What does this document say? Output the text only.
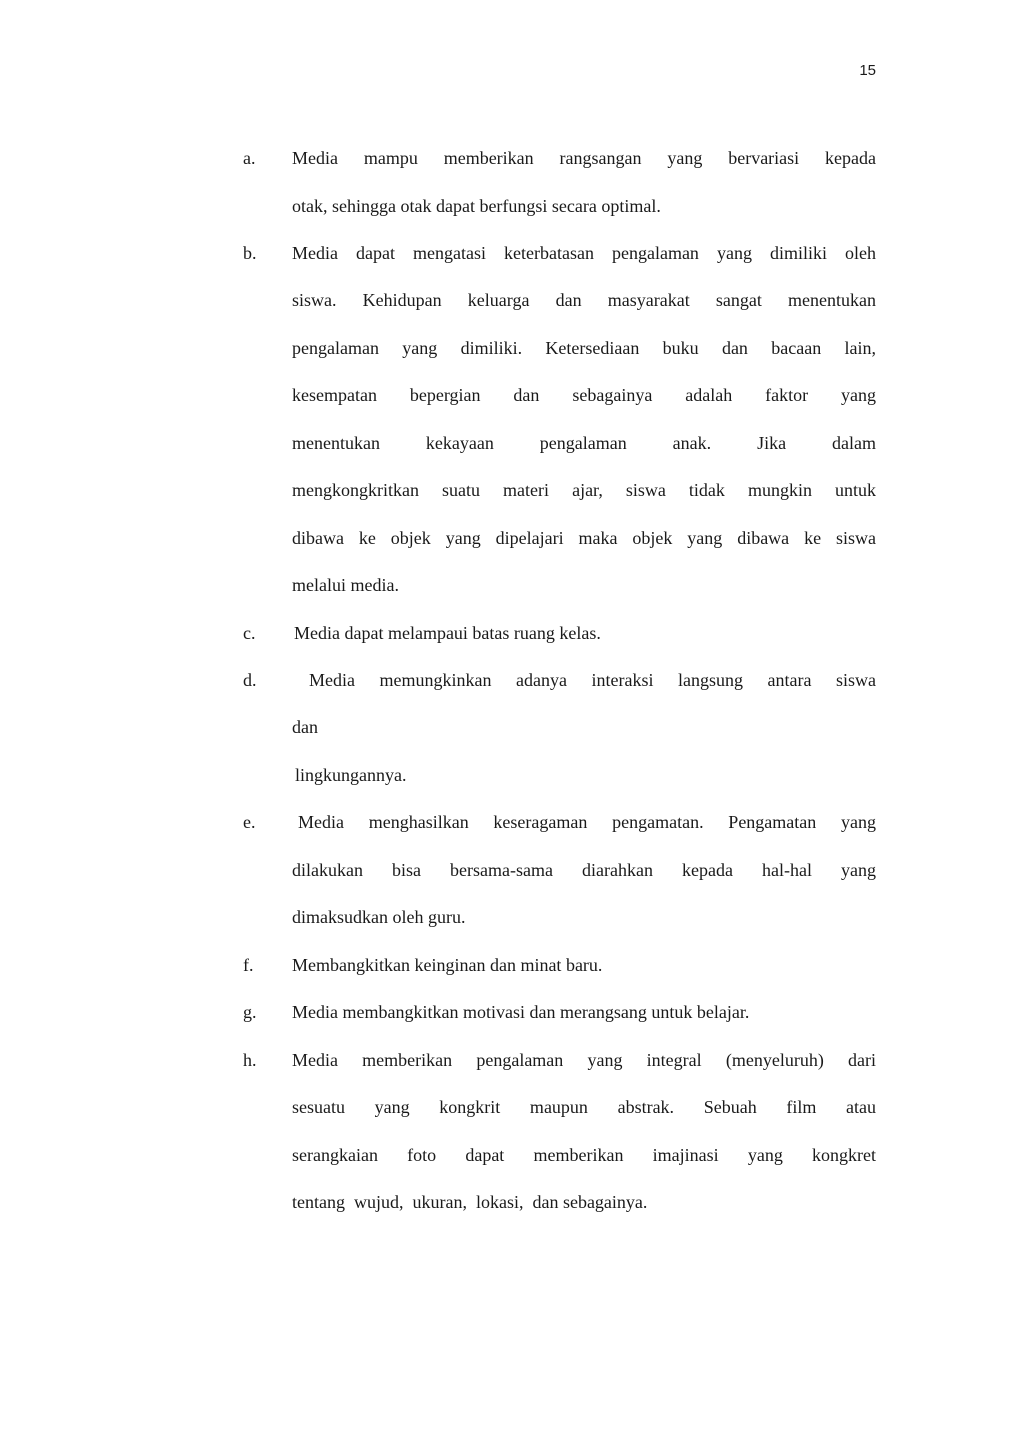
15
a. Media mampu memberikan rangsangan yang bervariasi kepada
otak, sehingga otak dapat berfungsi secara optimal.
b. Media dapat mengatasi keterbatasan pengalaman yang dimiliki oleh
siswa. Kehidupan keluarga dan masyarakat sangat menentukan
pengalaman yang dimiliki. Ketersediaan buku dan bacaan lain,
kesempatan bepergian dan sebagainya adalah faktor yang
menentukan kekayaan pengalaman anak. Jika dalam
mengkongkritkan suatu materi ajar, siswa tidak mungkin untuk
dibawa ke objek yang dipelajari maka objek yang dibawa ke siswa
melalui media.
c. Media dapat melampaui batas ruang kelas.
d.	Media memungkinkan adanya interaksi langsung antara siswa
dan
lingkungannya.
e. Media menghasilkan keseragaman pengamatan. Pengamatan yang
dilakukan bisa bersama-sama diarahkan kepada hal-hal yang
dimaksudkan oleh guru.
f. Membangkitkan keinginan dan minat baru.
g. Media membangkitkan motivasi dan merangsang untuk belajar.
h. Media memberikan pengalaman yang integral (menyeluruh) dari
sesuatu yang kongkrit maupun abstrak. Sebuah film atau
serangkaian foto dapat memberikan imajinasi yang kongkret
tentang  wujud,  ukuran,  lokasi,  dan sebagainya.
